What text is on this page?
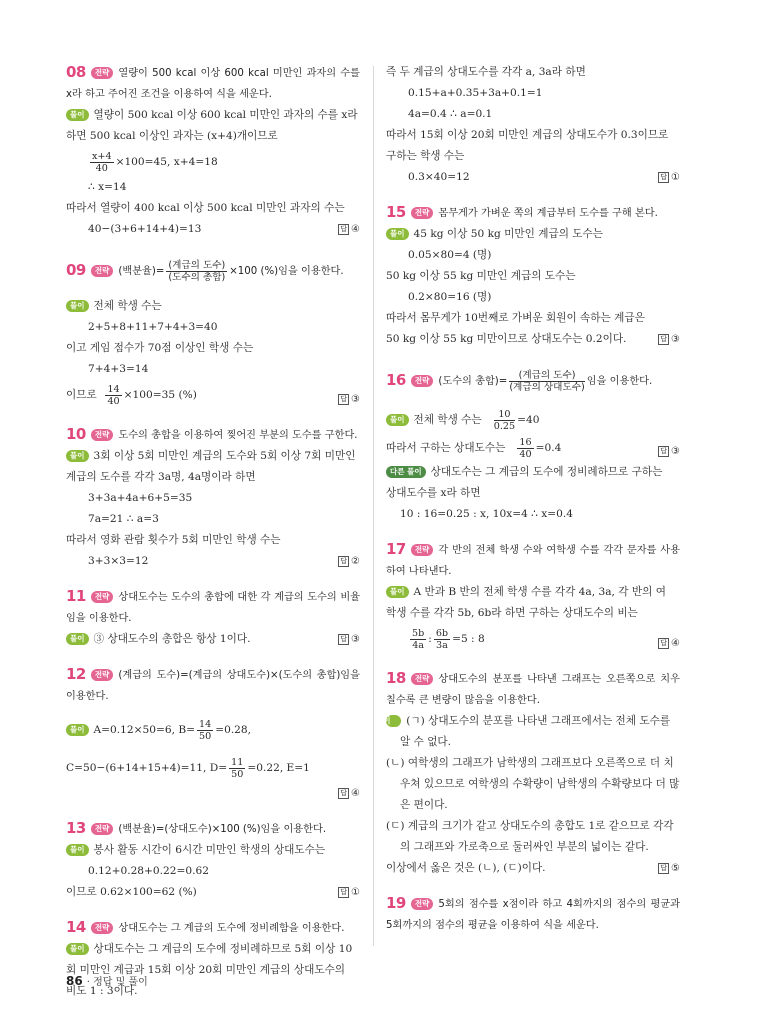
08 전략 열량이 500 kcal 이상 600 kcal 미만인 과자의 수를 x라 하고 주어진 조건을 이용하여 식을 세운다.
풀이 열량이 500 kcal 이상 600 kcal 미만인 과자의 수를 x라
하면 500 kcal 이상인 과자는 (x+4)개이므로
$\frac{x+4}{40} \times 100=45$, x+4=18
∴ x=14
따라서 열량이 400 kcal 이상 500 kcal 미만인 과자의 수는
40−(3+6+14+4)=13	답 ④
09 전략 (백분율)= $\frac{\text{(계급의 도수)}}{\text{(도수의 총합)}} \times 100$ (%)임을 이용한다.
풀이 전체 학생 수는
2+5+8+11+7+4+3=40
이고 게임 점수가 70점 이상인 학생 수는
7+4+3=14
이므로 $\frac{14}{40} \times 100=35$ (%)	답 ③
10 전략 도수의 총합을 이용하여 찢어진 부분의 도수를 구한다.
풀이 3회 이상 5회 미만인 계급의 도수와 5회 이상 7회 미만인
계급의 도수를 각각 3a명, 4a명이라 하면
3+3a+4a+6+5=35
7a=21 ∴ a=3
따라서 영화 관람 횟수가 5회 미만인 학생 수는
3+3×3=12	답 ②
11 전략 상대도수는 도수의 총합에 대한 각 계급의 도수의 비율임을 이용한다.
풀이 ③ 상대도수의 총합은 항상 1이다.	답 ③
12 전략 (계급의 도수)=(계급의 상대도수)×(도수의 총합)임을 이용한다.
풀이 A=0.12×50=6, $B= \frac{14}{50} =0.28$,
C=50−(6+14+15+4)=11, $D= \frac{11}{50} =0.22$, E=1

답 ④
13 전략 (백분율)=(상대도수)×100 (%)임을 이용한다.
풀이 봉사 활동 시간이 6시간 미만인 학생의 상대도수는
0.12+0.28+0.22=0.62
이므로 0.62×100=62 (%)	답 ①
14 전략 상대도수는 그 계급의 도수에 정비례함을 이용한다.
풀이 상대도수는 그 계급의 도수에 정비례하므로 5회 이상 10
회 미만인 계급과 15회 이상 20회 미만인 계급의 상대도수의
비도 1 : 3이다.
즉 두 계급의 상대도수를 각각 a, 3a라 하면
0.15+a+0.35+3a+0.1=1
4a=0.4 ∴ a=0.1
따라서 15회 이상 20회 미만인 계급의 상대도수가 0.3이므로
구하는 학생 수는
0.3×40=12	답 ①
15 전략 몸무게가 가벼운 쪽의 계급부터 도수를 구해 본다.
풀이 45 kg 이상 50 kg 미만인 계급의 도수는
0.05×80=4 (명)
50 kg 이상 55 kg 미만인 계급의 도수는
0.2×80=16 (명)
따라서 몸무게가 10번째로 가벼운 회원이 속하는 계급은
50 kg 이상 55 kg 미만이므로 상대도수는 0.2이다.	답 ③
16 전략 (도수의 총합)= $\frac{\text{(계급의 도수)}}{\text{(계급의 상대도수)}}$ 임을 이용한다.
풀이 전체 학생 수는 $\frac{10}{0.25} =40$
따라서 구하는 상대도수는 $\frac{16}{40} =0.4$	답 ③
다른 풀이 상대도수는 그 계급의 도수에 정비례하므로 구하는
상대도수를 x라 하면
10 : 16=0.25 : x, 10x=4 ∴ x=0.4
17 전략 각 반의 전체 학생 수와 여학생 수를 각각 문자를 사용하여 나타낸다.
풀이 A 반과 B 반의 전체 학생 수를 각각 4a, 3a, 각 반의 여
학생 수를 각각 5b, 6b라 하면 구하는 상대도수의 비는
$\frac{5b}{4a}$ : $\frac{6b}{3a} =5$ : 8	답 ④
18 전략 상대도수의 분포를 나타낸 그래프는 오른쪽으로 치우칠수록 큰 변량이 많음을 이용한다.
풀이 (ㄱ) 상대도수의 분포를 나타낸 그래프에서는 전체 도수를 알 수 없다.
(ㄴ) 여학생의 그래프가 남학생의 그래프보다 오른쪽으로 더 치우쳐 있으므로 여학생의 수확량이 남학생의 수확량보다 더 많은 편이다.
(ㄷ) 계급의 크기가 같고 상대도수의 총합도 1로 같으므로 각각의 그래프와 가로축으로 둘러싸인 부분의 넓이는 같다.
이상에서 옳은 것은 (ㄴ), (ㄷ)이다.	답 ⑤
19 전략 5회의 점수를 x점이라 하고 4회까지의 점수의 평균과 5회까지의 점수의 평균을 이용하여 식을 세운다.
86 · 정답 및 풀이
